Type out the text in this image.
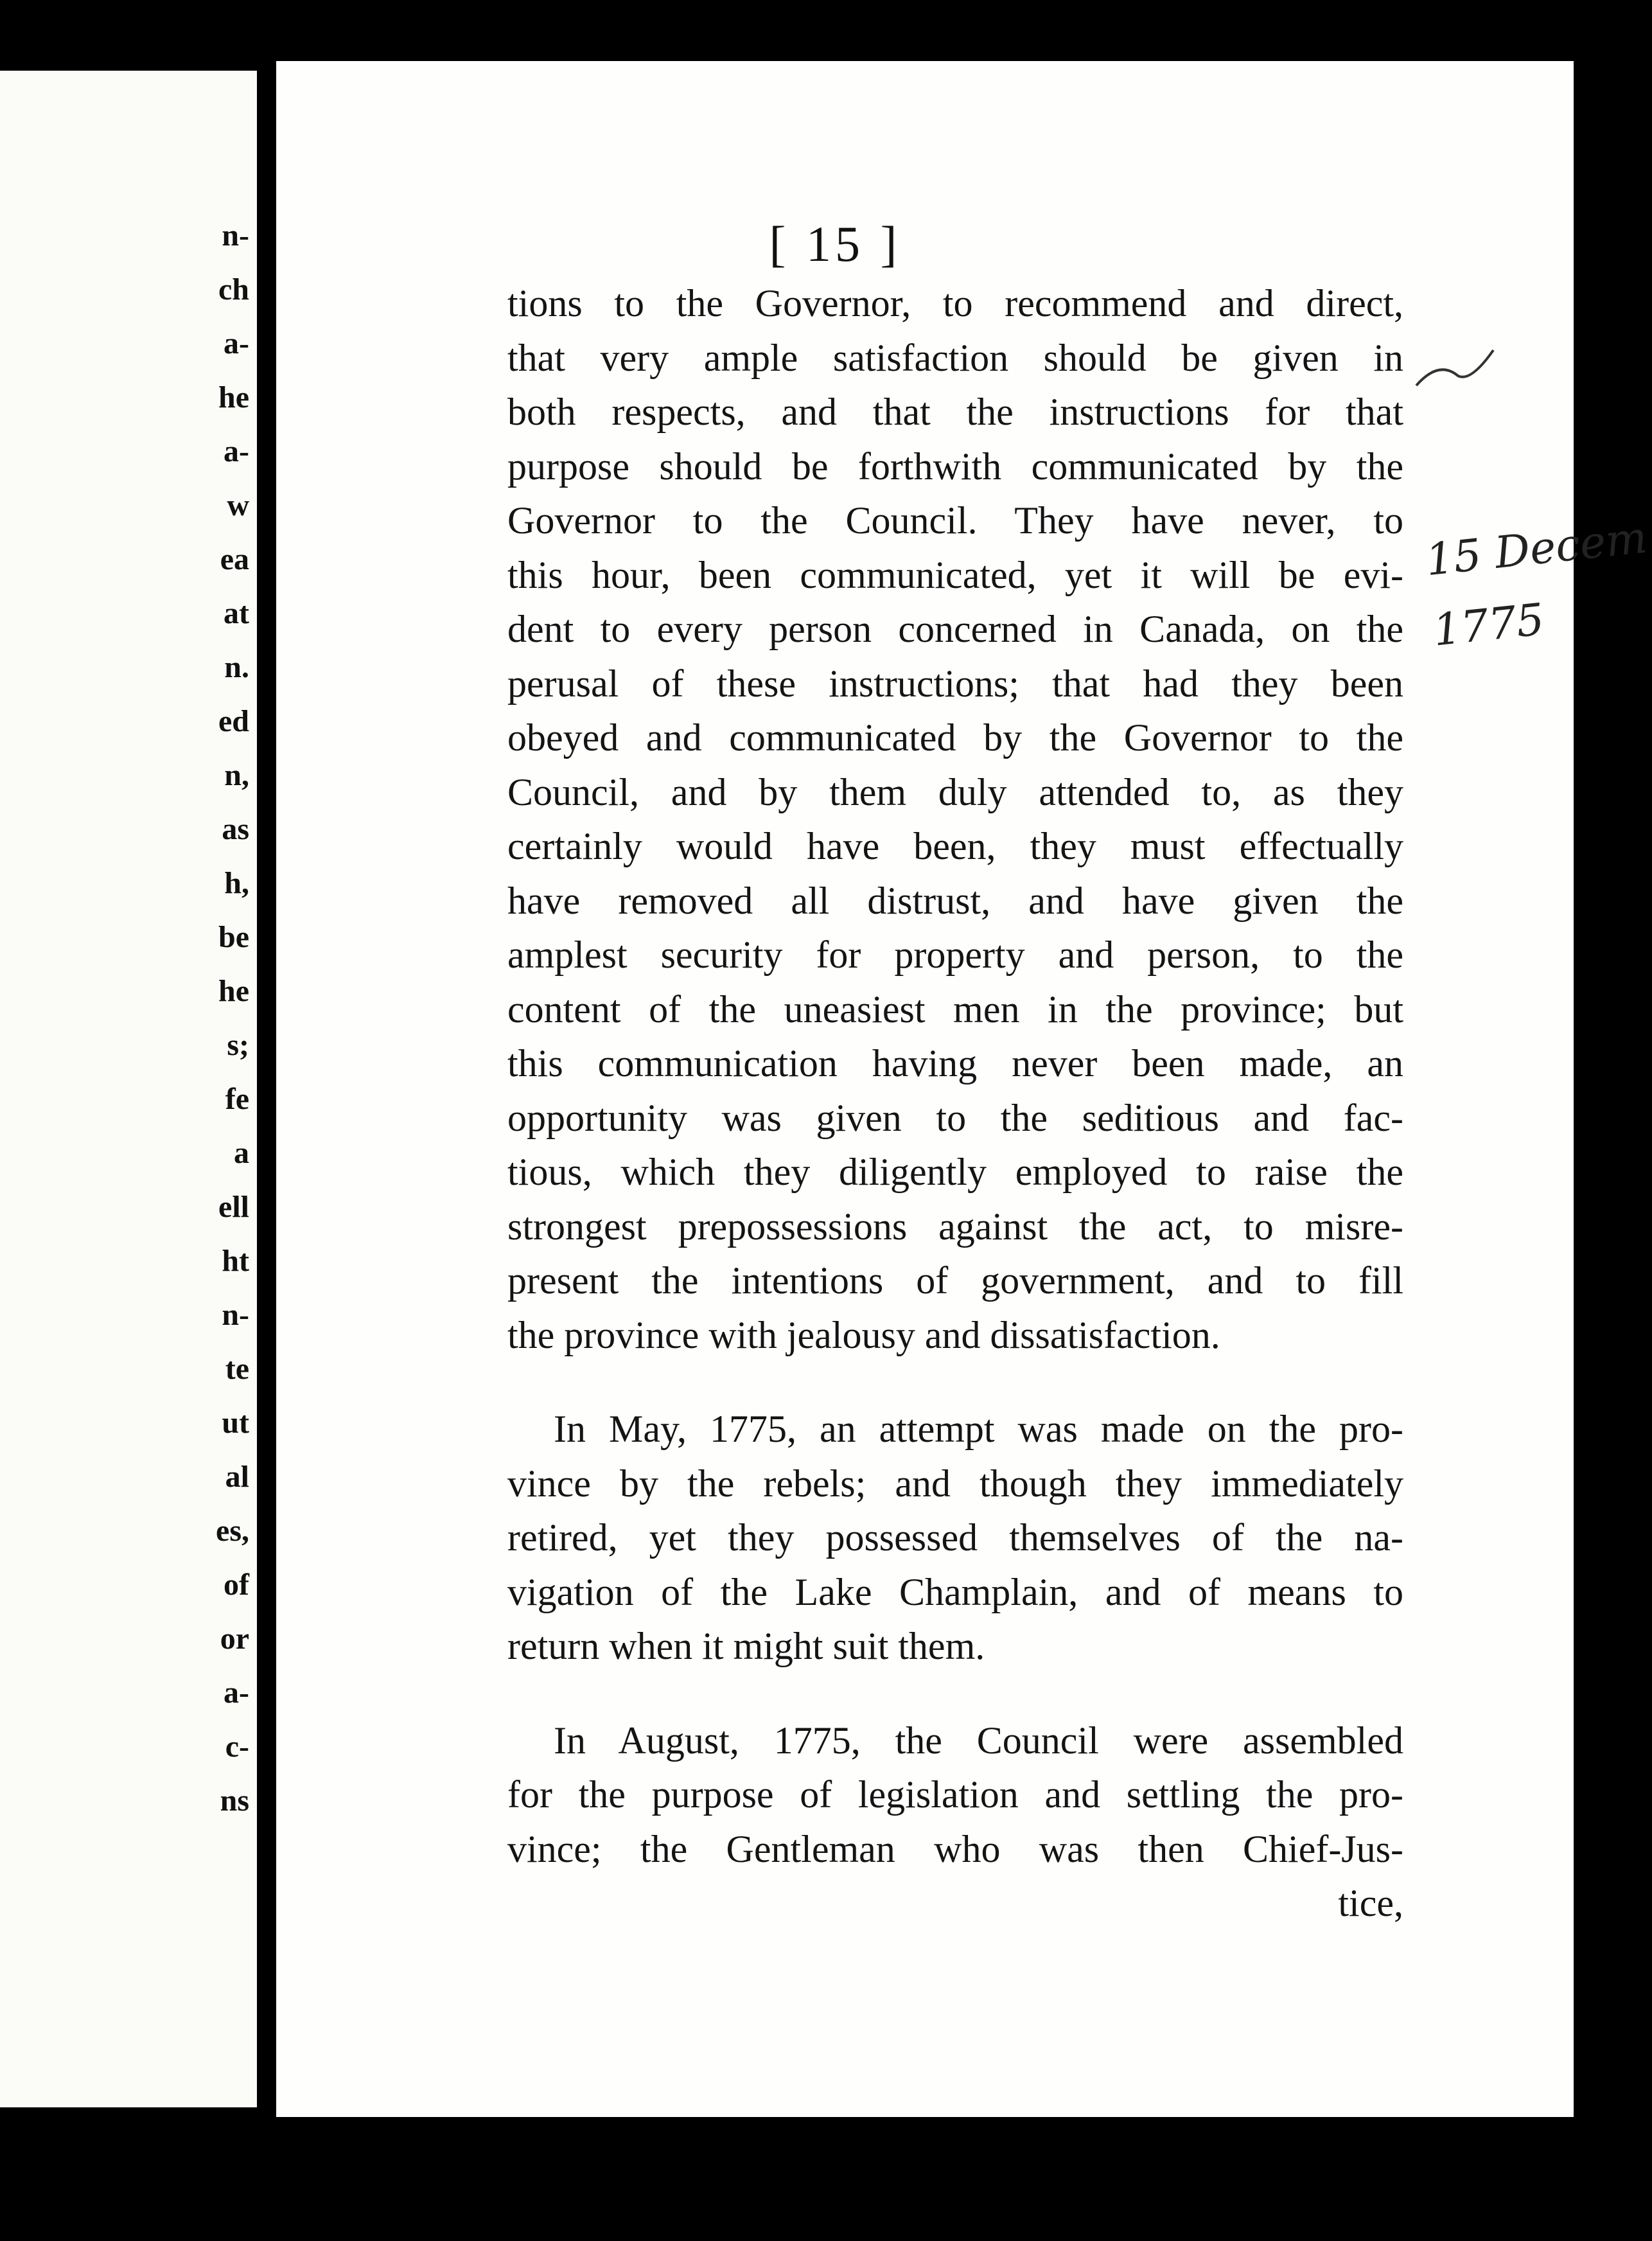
n-
ch
a-
he
a-
w
ea
at
n.
ed
n,
as
h,
be
he
s;
fe
a
ell
ht
n-
te
ut
al
es,
of
or
a-
c-
ns
[ 15 ]
tions to the Governor, to recommend and direct,
that very ample satisfaction should be given in
both respects, and that the instructions for that
purpose should be forthwith communicated by the
Governor to the Council. They have never, to
this hour, been communicated, yet it will be evi-
dent to every person concerned in Canada, on the
perusal of these instructions; that had they been
obeyed and communicated by the Governor to the
Council, and by them duly attended to, as they
certainly would have been, they must effectually
have removed all distrust, and have given the
amplest security for property and person, to the
content of the uneasiest men in the province; but
this communication having never been made, an
opportunity was given to the seditious and fac-
tious, which they diligently employed to raise the
strongest prepossessions against the act, to misre-
present the intentions of government, and to fill
the province with jealousy and dissatisfaction.
In May, 1775, an attempt was made on the pro-
vince by the rebels; and though they immediately
retired, yet they possessed themselves of the na-
vigation of the Lake Champlain, and of means to
return when it might suit them.
In August, 1775, the Council were assembled
for the purpose of legislation and settling the pro-
vince; the Gentleman who was then Chief-Jus-
tice,
15 Decem
1775
